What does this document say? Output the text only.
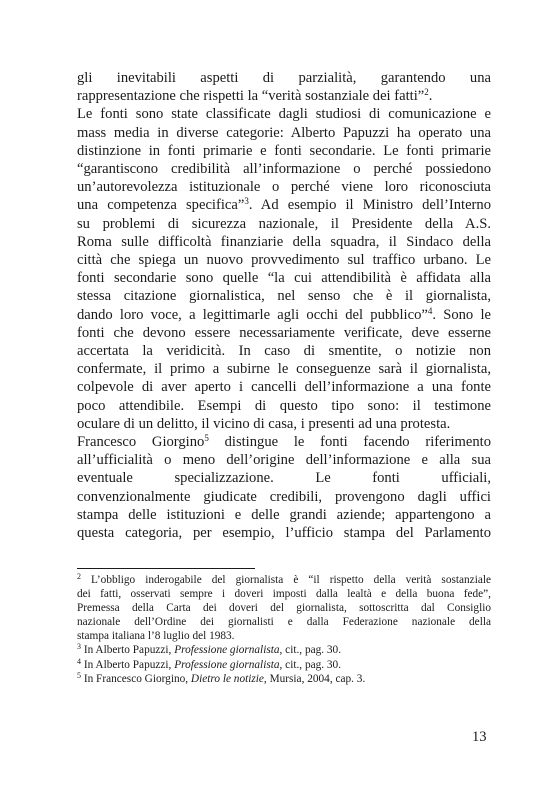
gli inevitabili aspetti di parzialità, garantendo una
rappresentazione che rispetti la “verità sostanziale dei fatti”$^2$.
Le fonti sono state classificate dagli studiosi di comunicazione e
mass media in diverse categorie: Alberto Papuzzi ha operato una
distinzione in fonti primarie e fonti secondarie. Le fonti primarie
“garantiscono credibilità all’informazione o perché possiedono
un’autorevolezza istituzionale o perché viene loro riconosciuta
una competenza specifica”$^3$. Ad esempio il Ministro dell’Interno
su problemi di sicurezza nazionale, il Presidente della A.S.
Roma sulle difficoltà finanziarie della squadra, il Sindaco della
città che spiega un nuovo provvedimento sul traffico urbano. Le
fonti secondarie sono quelle “la cui attendibilità è affidata alla
stessa citazione giornalistica, nel senso che è il giornalista,
dando loro voce, a legittimarle agli occhi del pubblico”$^4$. Sono le
fonti che devono essere necessariamente verificate, deve esserne
accertata la veridicità. In caso di smentite, o notizie non
confermate, il primo a subirne le conseguenze sarà il giornalista,
colpevole di aver aperto i cancelli dell’informazione a una fonte
poco attendibile. Esempi di questo tipo sono: il testimone
oculare di un delitto, il vicino di casa, i presenti ad una protesta.
Francesco Giorgino$^5$ distingue le fonti facendo riferimento
all’ufficialità o meno dell’origine dell’informazione e alla sua
eventuale specializzazione. Le fonti ufficiali,
convenzionalmente giudicate credibili, provengono dagli uffici
stampa delle istituzioni e delle grandi aziende; appartengono a
questa categoria, per esempio, l’ufficio stampa del Parlamento
$^2$ L’obbligo inderogabile del giornalista è “il rispetto della verità sostanziale
dei fatti, osservati sempre i doveri imposti dalla lealtà e della buona fede”,
Premessa della Carta dei doveri del giornalista, sottoscritta dal Consiglio
nazionale dell’Ordine dei giornalisti e dalla Federazione nazionale della
stampa italiana l’8 luglio del 1983.
$^3$ In Alberto Papuzzi, Professione giornalista, cit., pag. 30.
$^4$ In Alberto Papuzzi, Professione giornalista, cit., pag. 30.
$^5$ In Francesco Giorgino, Dietro le notizie, Mursia, 2004, cap. 3.
13
